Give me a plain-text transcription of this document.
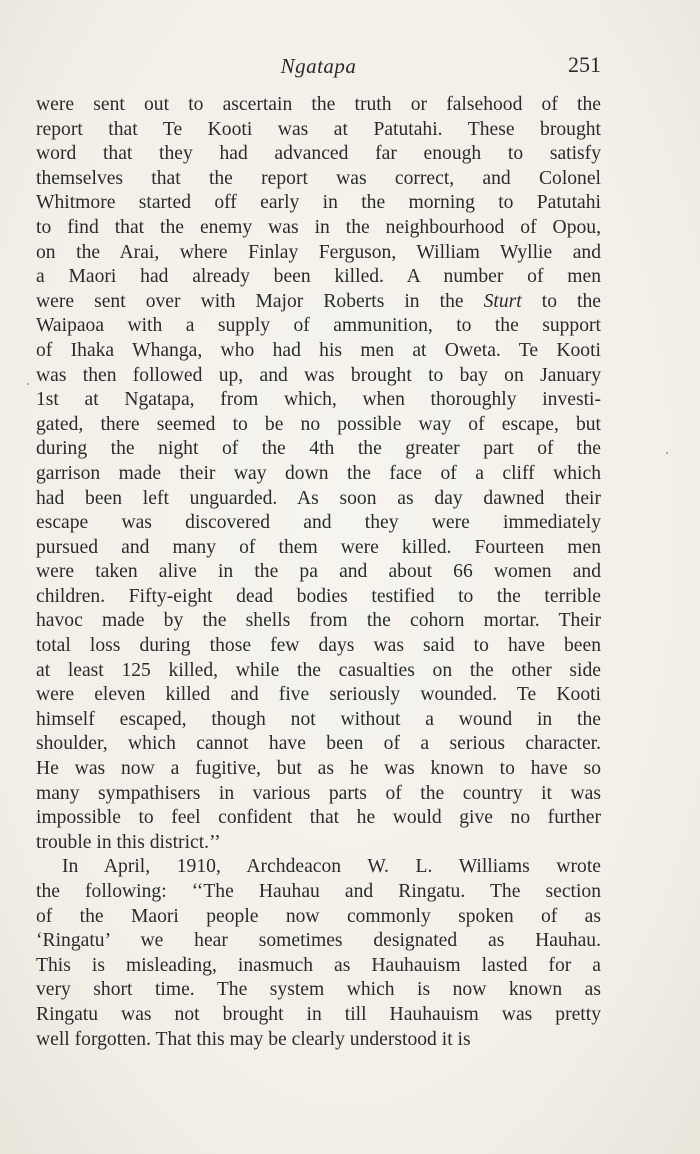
Ngatapa	251
were sent out to ascertain the truth or falsehood of the
report that Te Kooti was at Patutahi. These brought
word that they had advanced far enough to satisfy
themselves that the report was correct, and Colonel
Whitmore started off early in the morning to Patutahi
to find that the enemy was in the neighbourhood of Opou,
on the Arai, where Finlay Ferguson, William Wyllie and
a Maori had already been killed. A number of men
were sent over with Major Roberts in the Sturt to the
Waipaoa with a supply of ammunition, to the support
of Ihaka Whanga, who had his men at Oweta. Te Kooti
was then followed up, and was brought to bay on January
1st at Ngatapa, from which, when thoroughly investi-
gated, there seemed to be no possible way of escape, but
during the night of the 4th the greater part of the
garrison made their way down the face of a cliff which
had been left unguarded. As soon as day dawned their
escape was discovered and they were immediately
pursued and many of them were killed. Fourteen men
were taken alive in the pa and about 66 women and
children. Fifty-eight dead bodies testified to the terrible
havoc made by the shells from the cohorn mortar. Their
total loss during those few days was said to have been
at least 125 killed, while the casualties on the other side
were eleven killed and five seriously wounded. Te Kooti
himself escaped, though not without a wound in the
shoulder, which cannot have been of a serious character.
He was now a fugitive, but as he was known to have so
many sympathisers in various parts of the country it was
impossible to feel confident that he would give no further
trouble in this district.’’
In April, 1910, Archdeacon W. L. Williams wrote
the following: ‘‘The Hauhau and Ringatu. The section
of the Maori people now commonly spoken of as
‘Ringatu’ we hear sometimes designated as Hauhau.
This is misleading, inasmuch as Hauhauism lasted for a
very short time. The system which is now known as
Ringatu was not brought in till Hauhauism was pretty
well forgotten. That this may be clearly understood it is
